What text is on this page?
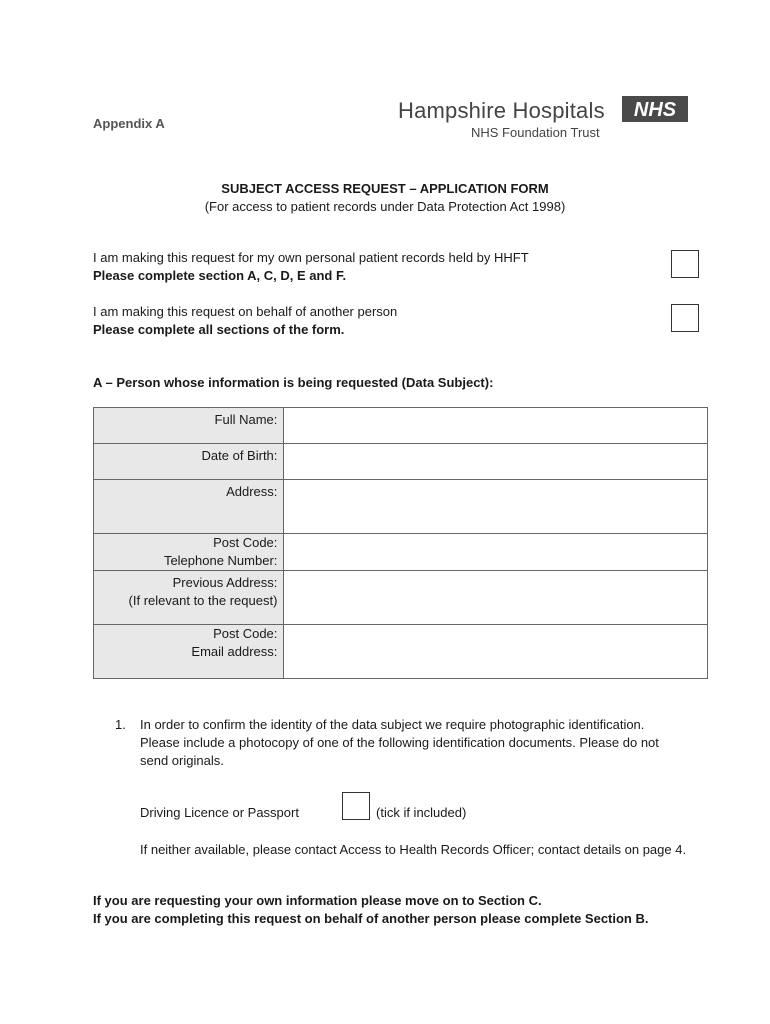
Appendix A
Hampshire Hospitals
NHS Foundation Trust
NHS
SUBJECT ACCESS REQUEST – APPLICATION FORM
(For access to patient records under Data Protection Act 1998)
I am making this request for my own personal patient records held by HHFT
Please complete section A, C, D, E and F.
I am making this request on behalf of another person
Please complete all sections of the form.
A – Person whose information is being requested (Data Subject):
Full Name:	

Date of Birth:	

Address:	

Post Code:
Telephone Number:	

Previous Address:
(If relevant to the request)	

Post Code:
Email address:	

1. In order to confirm the identity of the data subject we require photographic identification. Please include a photocopy of one of the following identification documents. Please do not send originals.
Driving Licence or Passport	(tick if included)
If neither available, please contact Access to Health Records Officer; contact details on page 4.
If you are requesting your own information please move on to Section C.
If you are completing this request on behalf of another person please complete Section B.
